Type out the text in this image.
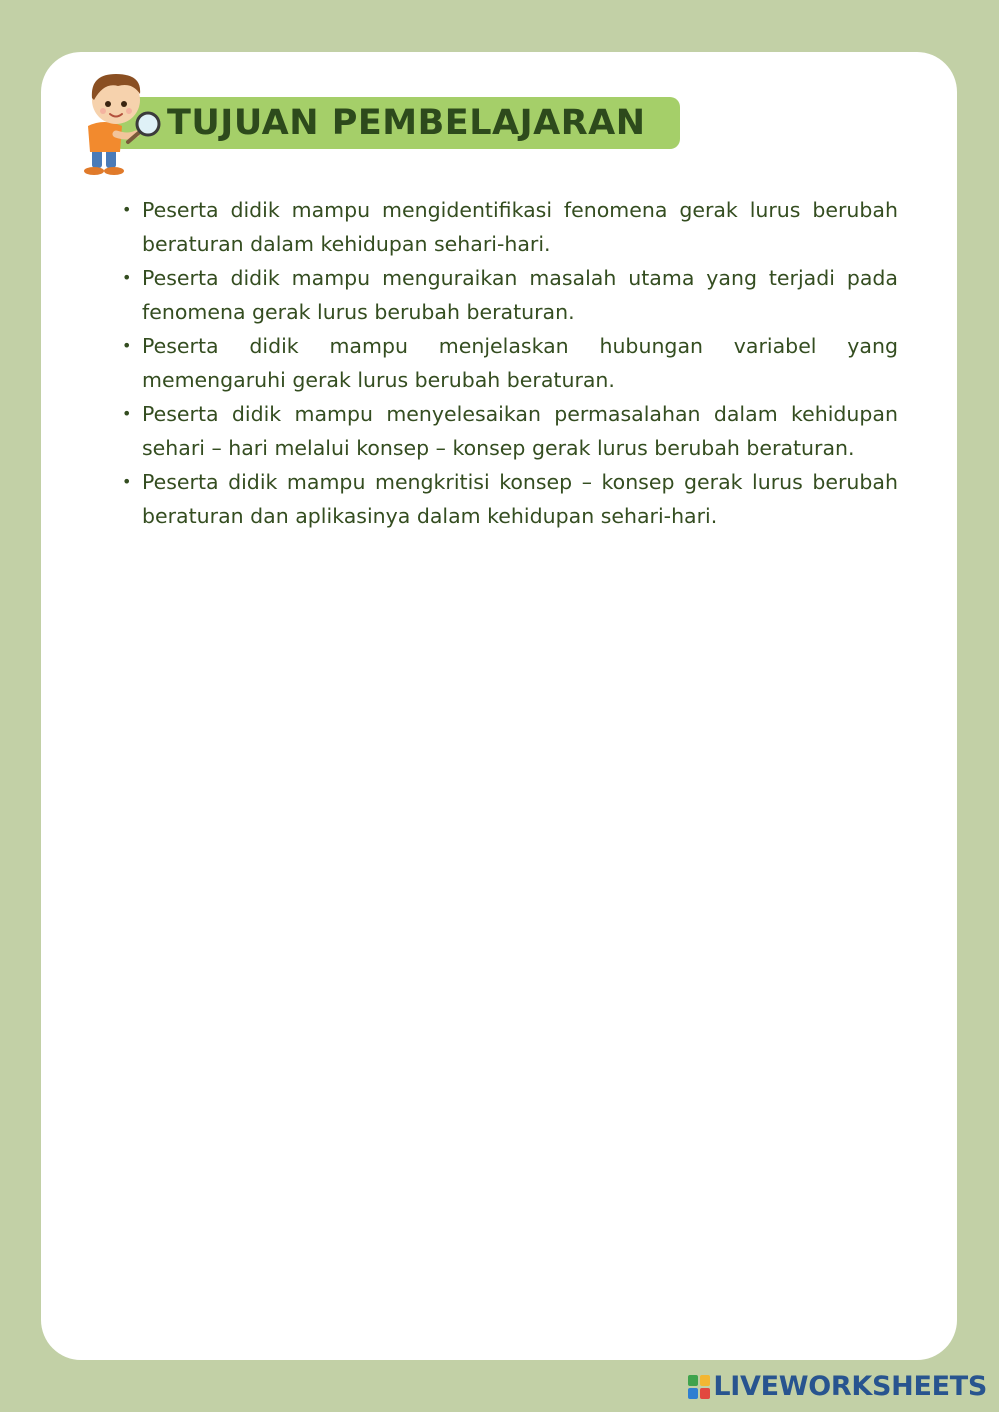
TUJUAN PEMBELAJARAN
• Peserta didik mampu mengidentifikasi fenomena gerak lurus berubah beraturan dalam kehidupan sehari-hari.
• Peserta didik mampu menguraikan masalah utama yang terjadi pada fenomena gerak lurus berubah beraturan.
• Peserta didik mampu menjelaskan hubungan variabel yang memengaruhi gerak lurus berubah beraturan.
• Peserta didik mampu menyelesaikan permasalahan dalam kehidupan sehari – hari melalui konsep – konsep gerak lurus berubah beraturan.
• Peserta didik mampu mengkritisi konsep – konsep gerak lurus berubah beraturan dan aplikasinya dalam kehidupan sehari-hari.
LIVEWORKSHEETS
